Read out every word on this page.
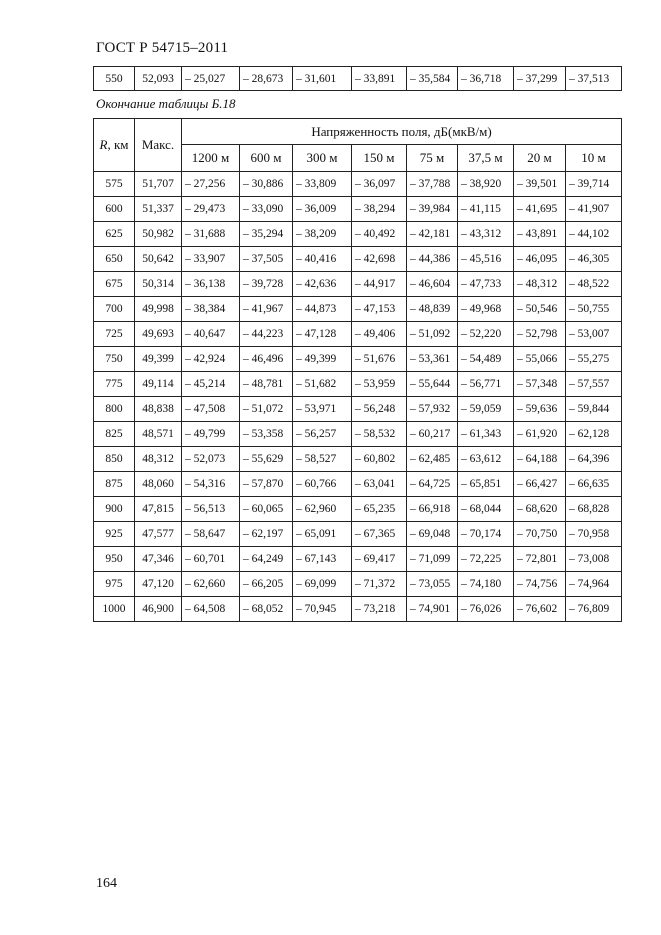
ГОСТ Р 54715–2011
550	52,093	– 25,027	– 28,673	– 31,601	– 33,891	– 35,584	– 36,718	– 37,299	– 37,513
Окончание таблицы Б.18
R, км	Макс.	Напряженность поля, дБ(мкВ/м)							
		1200 м	600 м	300 м	150 м	75 м	37,5 м	20 м	10 м
575	51,707	– 27,256	– 30,886	– 33,809	– 36,097	– 37,788	– 38,920	– 39,501	– 39,714
600	51,337	– 29,473	– 33,090	– 36,009	– 38,294	– 39,984	– 41,115	– 41,695	– 41,907
625	50,982	– 31,688	– 35,294	– 38,209	– 40,492	– 42,181	– 43,312	– 43,891	– 44,102
650	50,642	– 33,907	– 37,505	– 40,416	– 42,698	– 44,386	– 45,516	– 46,095	– 46,305
675	50,314	– 36,138	– 39,728	– 42,636	– 44,917	– 46,604	– 47,733	– 48,312	– 48,522
700	49,998	– 38,384	– 41,967	– 44,873	– 47,153	– 48,839	– 49,968	– 50,546	– 50,755
725	49,693	– 40,647	– 44,223	– 47,128	– 49,406	– 51,092	– 52,220	– 52,798	– 53,007
750	49,399	– 42,924	– 46,496	– 49,399	– 51,676	– 53,361	– 54,489	– 55,066	– 55,275
775	49,114	– 45,214	– 48,781	– 51,682	– 53,959	– 55,644	– 56,771	– 57,348	– 57,557
800	48,838	– 47,508	– 51,072	– 53,971	– 56,248	– 57,932	– 59,059	– 59,636	– 59,844
825	48,571	– 49,799	– 53,358	– 56,257	– 58,532	– 60,217	– 61,343	– 61,920	– 62,128
850	48,312	– 52,073	– 55,629	– 58,527	– 60,802	– 62,485	– 63,612	– 64,188	– 64,396
875	48,060	– 54,316	– 57,870	– 60,766	– 63,041	– 64,725	– 65,851	– 66,427	– 66,635
900	47,815	– 56,513	– 60,065	– 62,960	– 65,235	– 66,918	– 68,044	– 68,620	– 68,828
925	47,577	– 58,647	– 62,197	– 65,091	– 67,365	– 69,048	– 70,174	– 70,750	– 70,958
950	47,346	– 60,701	– 64,249	– 67,143	– 69,417	– 71,099	– 72,225	– 72,801	– 73,008
975	47,120	– 62,660	– 66,205	– 69,099	– 71,372	– 73,055	– 74,180	– 74,756	– 74,964
1000	46,900	– 64,508	– 68,052	– 70,945	– 73,218	– 74,901	– 76,026	– 76,602	– 76,809
164
